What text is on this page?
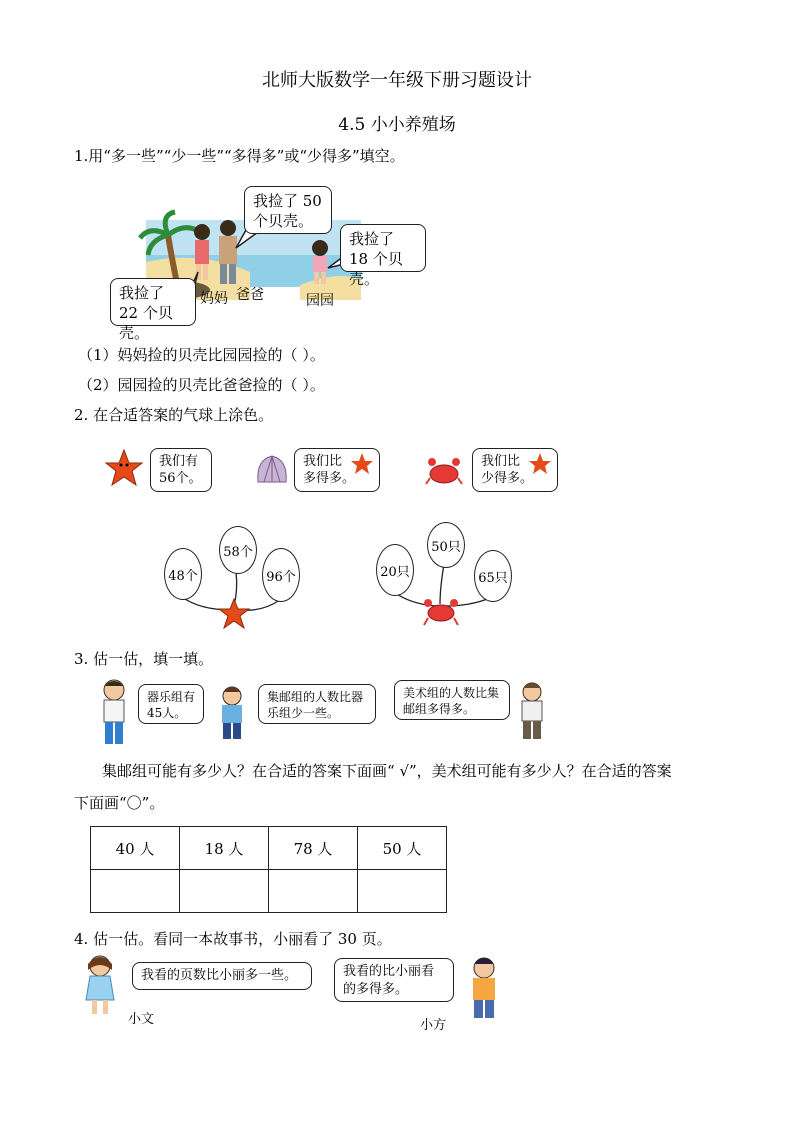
北师大版数学一年级下册习题设计
4.5 小小养殖场
1.用“多一些”“少一些”“多得多”或“少得多”填空。
我捡了 50 个贝壳。
我捡了 18 个贝壳。
我捡了 22 个贝壳。
妈妈 爸爸	园园
（1）妈妈捡的贝壳比园园捡的（ ）。
（2）园园捡的贝壳比爸爸捡的（ ）。
2. 在合适答案的气球上涂色。
我们有
56个。
我们比
多得多。
我们比
少得多。
48个
58个
96个	20只
50只
65只
3. 估一估，填一填。
器乐组有45人。
集邮组的人数比器乐组少一些。
美术组的人数比集邮组多得多。
集邮组可能有多少人？在合适的答案下面画“ √”，美术组可能有多少人？在合适的答案
下面画“〇”。
40 人	18 人	78 人	50 人

4. 估一估。看同一本故事书，小丽看了 30 页。
我看的页数比小丽多一些。
小文
我看的比小丽看的多得多。
小方
